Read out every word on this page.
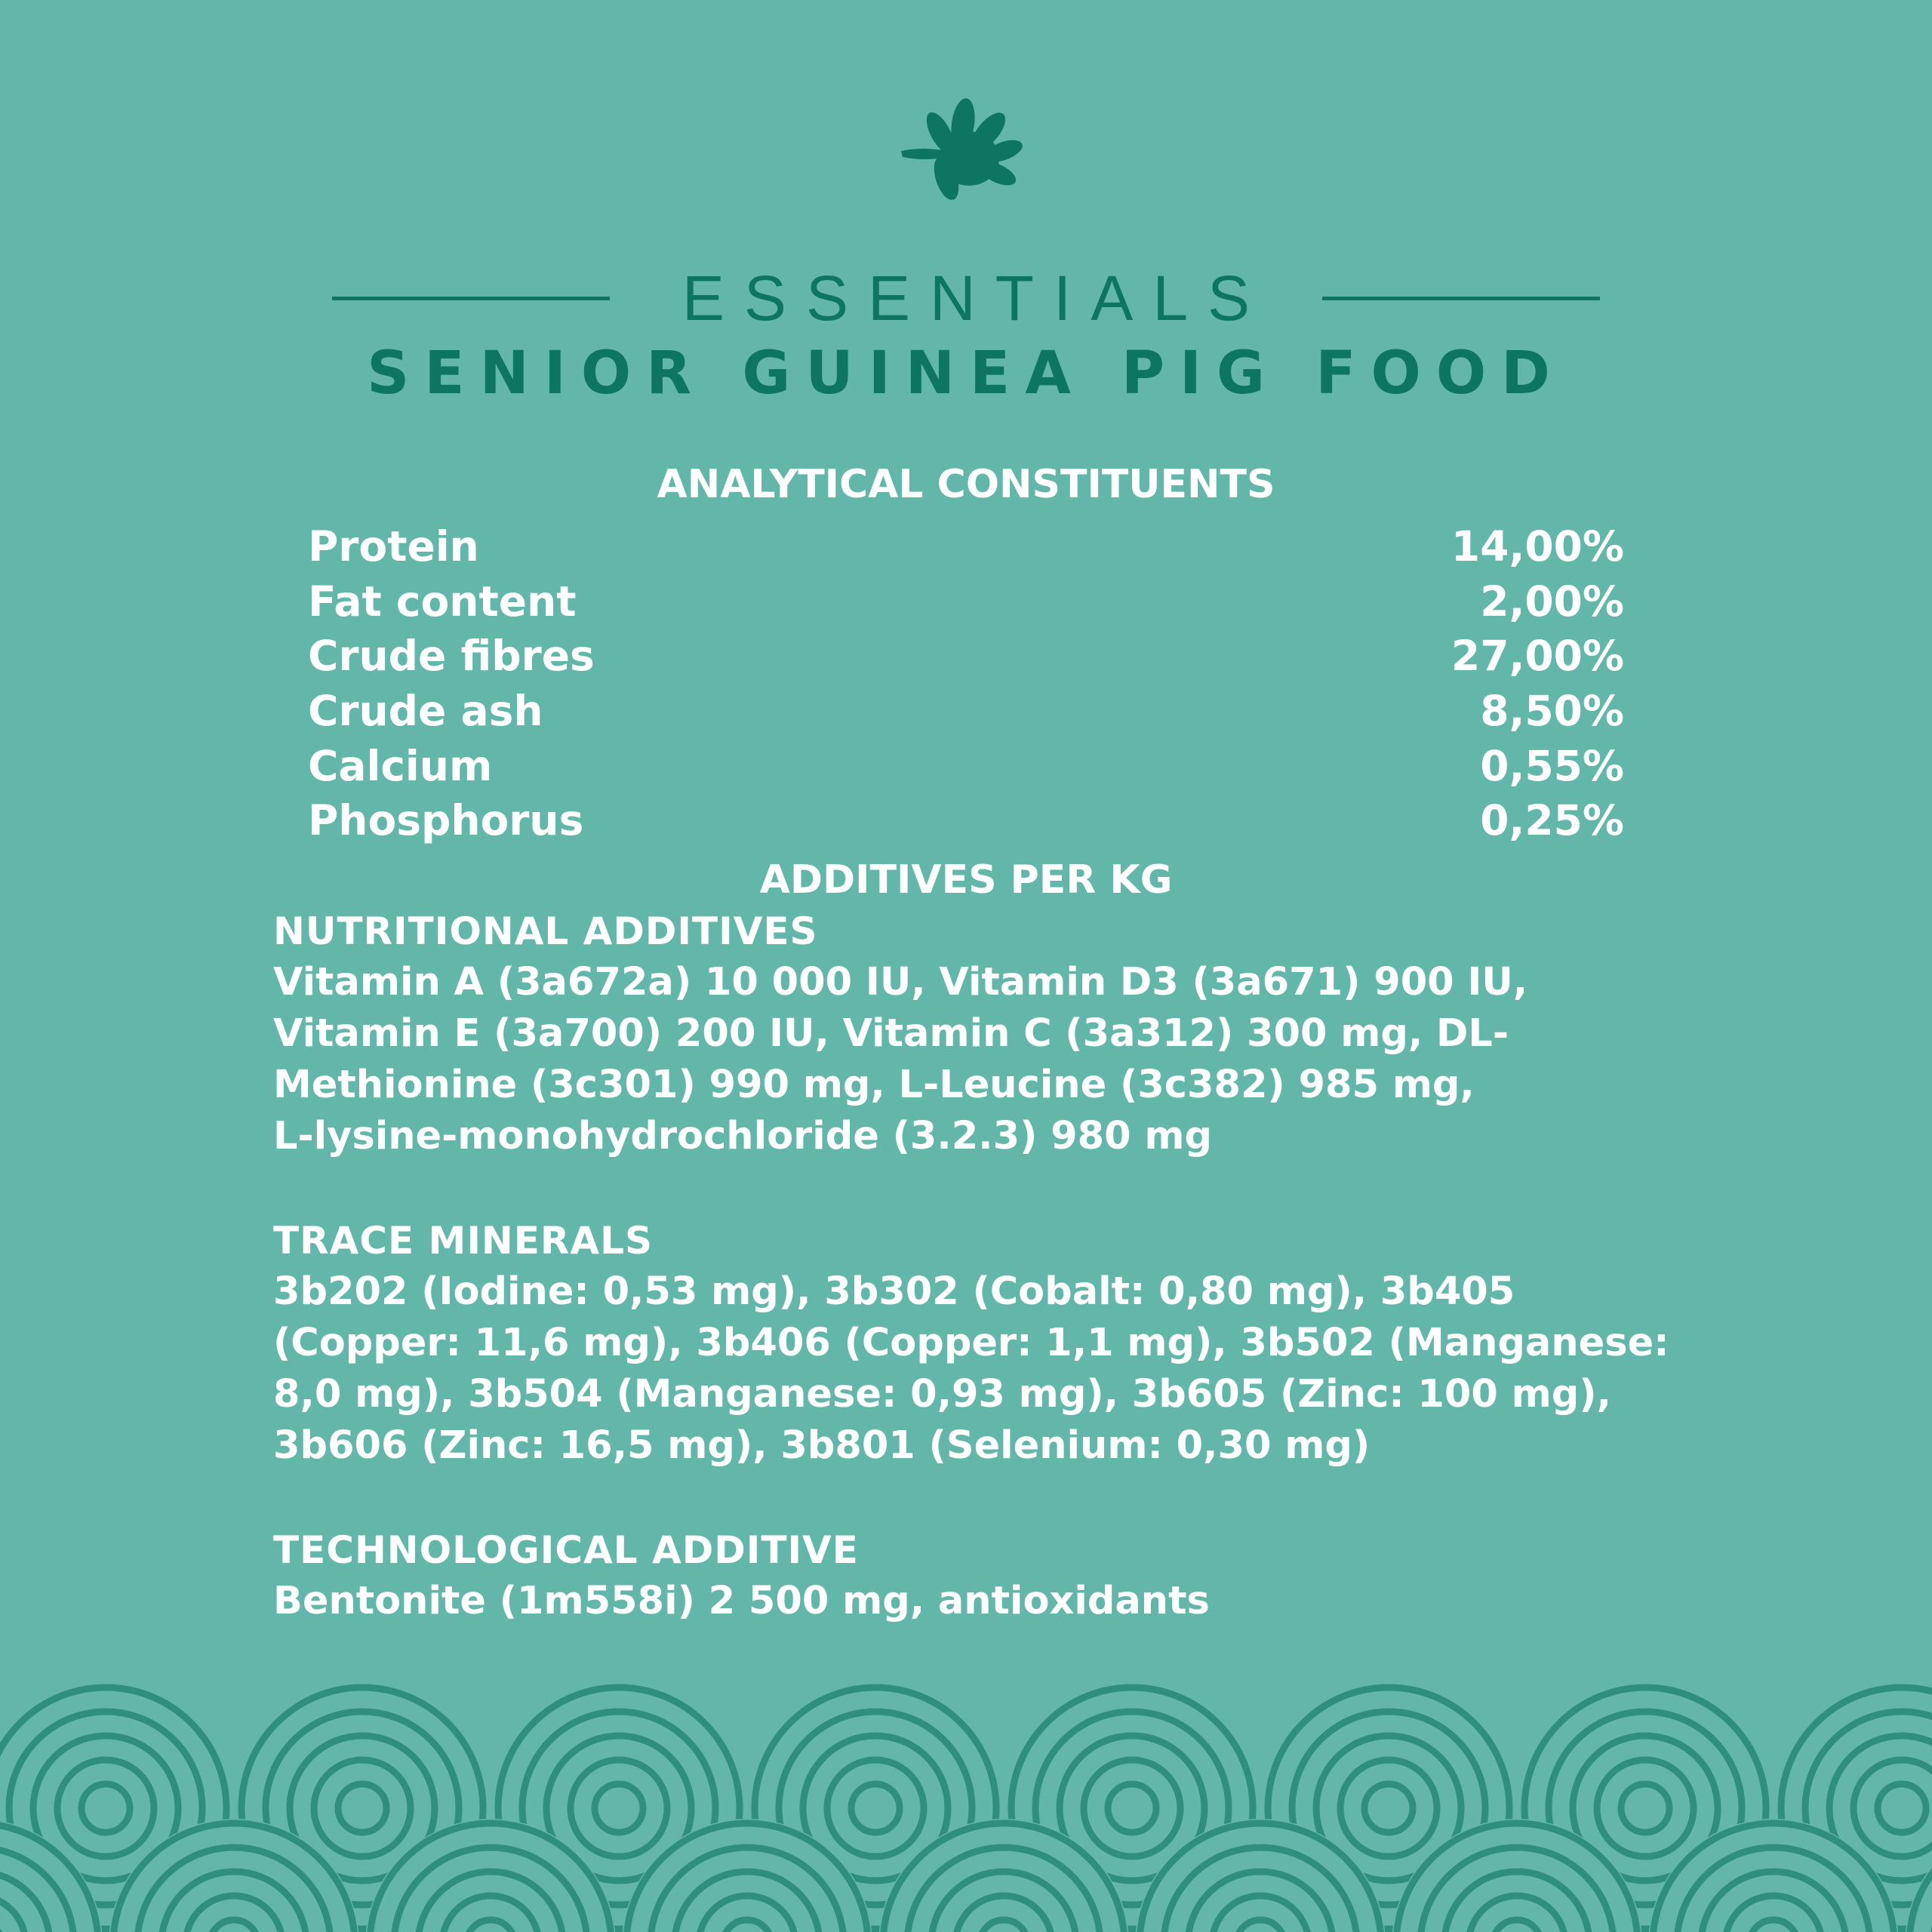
ESSENTIALS
SENIOR GUINEA PIG FOOD
ANALYTICAL CONSTITUENTS
Protein	14,00%
Fat content	2,00%
Crude fibres	27,00%
Crude ash	8,50%
Calcium	0,55%
Phosphorus	0,25%
ADDITIVES PER KG
NUTRITIONAL ADDITIVES
Vitamin A (3a672a) 10 000 IU, Vitamin D3 (3a671) 900 IU,
Vitamin E (3a700) 200 IU, Vitamin C (3a312) 300 mg, DL-
Methionine (3c301) 990 mg, L-Leucine (3c382) 985 mg,
L-lysine-monohydrochloride (3.2.3) 980 mg
TRACE MINERALS
3b202 (Iodine: 0,53 mg), 3b302 (Cobalt: 0,80 mg), 3b405
(Copper: 11,6 mg), 3b406 (Copper: 1,1 mg), 3b502 (Manganese:
8,0 mg), 3b504 (Manganese: 0,93 mg), 3b605 (Zinc: 100 mg),
3b606 (Zinc: 16,5 mg), 3b801 (Selenium: 0,30 mg)
TECHNOLOGICAL ADDITIVE
Bentonite (1m558i) 2 500 mg, antioxidants
